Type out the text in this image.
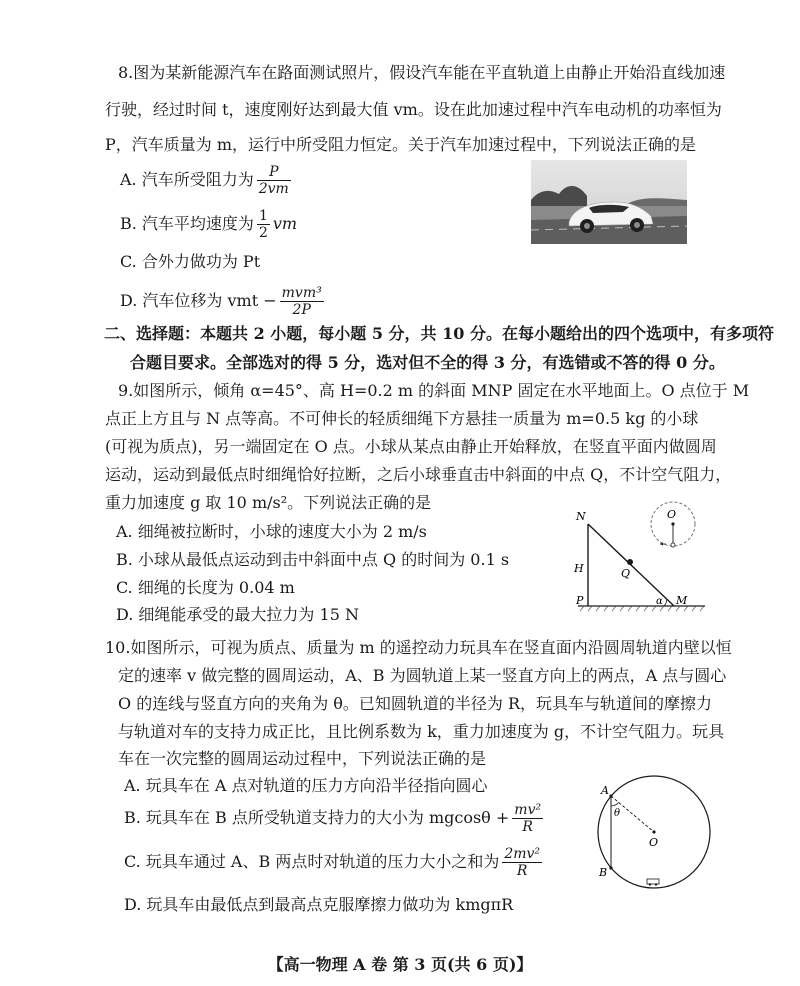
8.图为某新能源汽车在路面测试照片，假设汽车能在平直轨道上由静止开始沿直线加速
行驶，经过时间 t，速度刚好达到最大值 vm。设在此加速过程中汽车电动机的功率恒为
P，汽车质量为 m，运行中所受阻力恒定。关于汽车加速过程中，下列说法正确的是
A. 汽车所受阻力为 $\frac{P}{2vm}$
B. 汽车平均速度为 $\frac{1}{2}$ vm
C. 合外力做功为 Pt
D. 汽车位移为 vmt − $\frac{\text{mvm³}}{2P}$
二、选择题：本题共 2 小题，每小题 5 分，共 10 分。在每小题给出的四个选项中，有多项符
合题目要求。全部选对的得 5 分，选对但不全的得 3 分，有选错或不答的得 0 分。
9.如图所示，倾角 α=45°、高 H=0.2 m 的斜面 MNP 固定在水平地面上。O 点位于 M
点正上方且与 N 点等高。不可伸长的轻质细绳下方悬挂一质量为 m=0.5 kg 的小球
(可视为质点)，另一端固定在 O 点。小球从某点由静止开始释放，在竖直平面内做圆周
运动，运动到最低点时细绳恰好拉断，之后小球垂直击中斜面的中点 Q，不计空气阻力，
重力加速度 g 取 10 m/s²。下列说法正确的是
A. 细绳被拉断时，小球的速度大小为 2 m/s
B. 小球从最低点运动到击中斜面中点 Q 的时间为 0.1 s
C. 细绳的长度为 0.04 m
D. 细绳能承受的最大拉力为 15 N
N
H
P
Q
α M
O
10.如图所示，可视为质点、质量为 m 的遥控动力玩具车在竖直面内沿圆周轨道内壁以恒
定的速率 v 做完整的圆周运动，A、B 为圆轨道上某一竖直方向上的两点，A 点与圆心
O 的连线与竖直方向的夹角为 θ。已知圆轨道的半径为 R，玩具车与轨道间的摩擦力
与轨道对车的支持力成正比，且比例系数为 k，重力加速度为 g，不计空气阻力。玩具
车在一次完整的圆周运动过程中，下列说法正确的是
A. 玩具车在 A 点对轨道的压力方向沿半径指向圆心
B. 玩具车在 B 点所受轨道支持力的大小为 $mgcos\theta + \frac{\text{mv²}}{R}$
C. 玩具车通过 A、B 两点时对轨道的压力大小之和为 $\frac{\text{2mv²}}{R}$
D. 玩具车由最低点到最高点克服摩擦力做功为 kmgπR
A
θ
O
B
【高一物理 A 卷 第 3 页(共 6 页)】
